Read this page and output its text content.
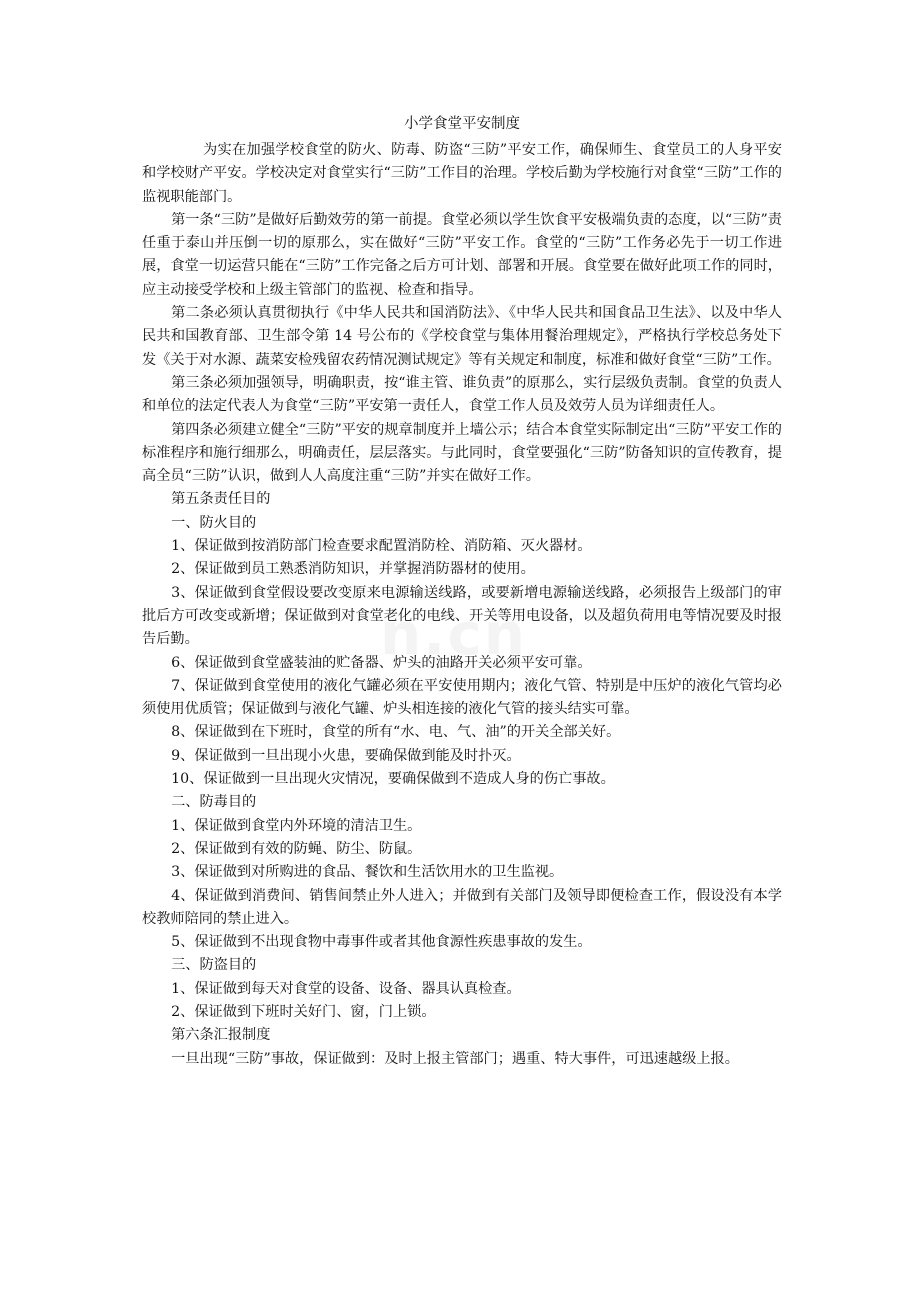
小学食堂平安制度

为实在加强学校食堂的防火、防毒、防盗“三防”平安工作，确保师生、食堂员工的人身平安和学校财产平安。学校决定对食堂实行“三防”工作目的治理。学校后勤为学校施行对食堂“三防”工作的监视职能部门。

第一条“三防”是做好后勤效劳的第一前提。食堂必须以学生饮食平安极端负责的态度，以“三防”责任重于泰山并压倒一切的原那么，实在做好“三防”平安工作。食堂的“三防”工作务必先于一切工作进展，食堂一切运营只能在“三防”工作完备之后方可计划、部署和开展。食堂要在做好此项工作的同时，应主动接受学校和上级主管部门的监视、检查和指导。

第二条必须认真贯彻执行《中华人民共和国消防法》、《中华人民共和国食品卫生法》、以及中华人民共和国教育部、卫生部令第 14 号公布的《学校食堂与集体用餐治理规定》，严格执行学校总务处下发《关于对水源、蔬菜安检残留农药情况测试规定》等有关规定和制度，标准和做好食堂“三防”工作。

第三条必须加强领导，明确职责，按“谁主管、谁负责”的原那么，实行层级负责制。食堂的负责人和单位的法定代表人为食堂“三防”平安第一责任人，食堂工作人员及效劳人员为详细责任人。

第四条必须建立健全“三防”平安的规章制度并上墙公示；结合本食堂实际制定出“三防”平安工作的标准程序和施行细那么，明确责任，层层落实。与此同时，食堂要强化“三防”防备知识的宣传教育，提高全员“三防”认识，做到人人高度注重“三防”并实在做好工作。

第五条责任目的

一、防火目的

1、保证做到按消防部门检查要求配置消防栓、消防箱、灭火器材。

2、保证做到员工熟悉消防知识，并掌握消防器材的使用。

3、保证做到食堂假设要改变原来电源输送线路，或要新增电源输送线路，必须报告上级部门的审批后方可改变或新增；保证做到对食堂老化的电线、开关等用电设备，以及超负荷用电等情况要及时报告后勤。

6、保证做到食堂盛装油的贮备器、炉头的油路开关必须平安可靠。

7、保证做到食堂使用的液化气罐必须在平安使用期内；液化气管、特别是中压炉的液化气管均必须使用优质管；保证做到与液化气罐、炉头相连接的液化气管的接头结实可靠。

8、保证做到在下班时，食堂的所有“水、电、气、油”的开关全部关好。

9、保证做到一旦出现小火患，要确保做到能及时扑灭。

10、保证做到一旦出现火灾情况，要确保做到不造成人身的伤亡事故。

二、防毒目的

1、保证做到食堂内外环境的清洁卫生。

2、保证做到有效的防蝇、防尘、防鼠。

3、保证做到对所购进的食品、餐饮和生活饮用水的卫生监视。

4、保证做到消费间、销售间禁止外人进入；并做到有关部门及领导即便检查工作，假设没有本学校教师陪同的禁止进入。

5、保证做到不出现食物中毒事件或者其他食源性疾患事故的发生。

三、防盗目的

1、保证做到每天对食堂的设备、设备、器具认真检查。

2、保证做到下班时关好门、窗，门上锁。

第六条汇报制度

一旦出现“三防”事故，保证做到：及时上报主管部门；遇重、特大事件，可迅速越级上报。
